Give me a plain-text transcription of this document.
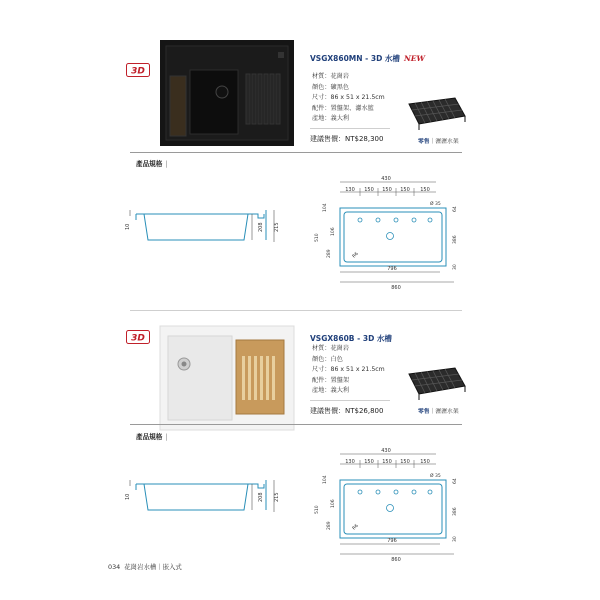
3D
VSGX860MN - 3D 水槽 NEW
材質：花崗岩
顏色：礦黑色
尺寸：86 x 51 x 21.5cm
配件：置盤架、濾水籃
產地：義大利
建議售價：NT$28,300	零售｜瀝瀝水架
產品規格 |
10	208 215
430
130 150 150 150 150
Ø 35
104
106
510
289	R6
64
386
30
796
860
3D	VSGX860B - 3D 水槽
材質：花崗岩
顏色：白色
尺寸：86 x 51 x 21.5cm
配件：置盤架
產地：義大利
建議售價：NT$26,800	零售｜瀝瀝水架
產品規格 |
10	208 215
430
130 150 150 150 150
Ø 35
104
106
510
289	R6
64
386
30
796
860
034 花崗岩水槽｜嵌入式
